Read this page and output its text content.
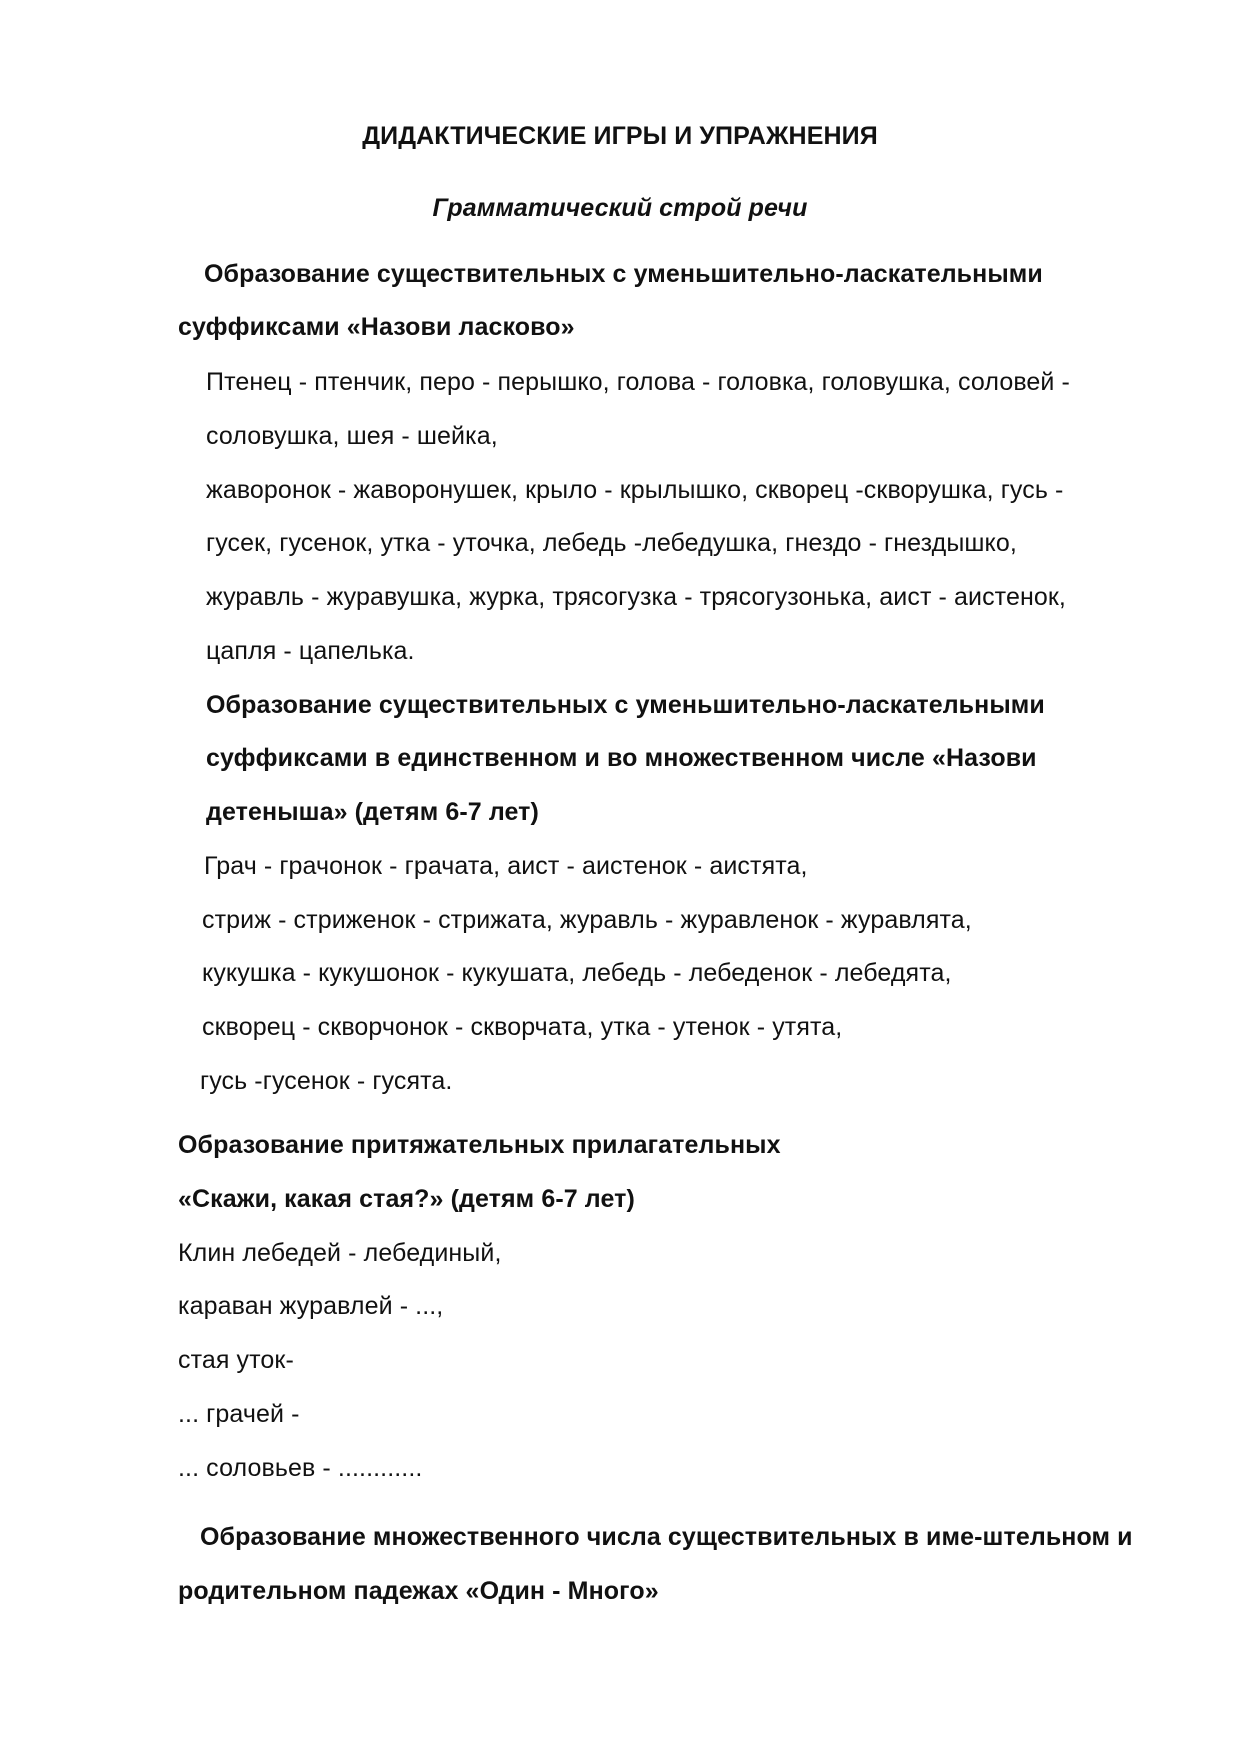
ДИДАКТИЧЕСКИЕ ИГРЫ И УПРАЖНЕНИЯ
Грамматический строй речи
Образование существительных с уменьшительно-ласкательными
суффиксами «Назови ласково»
Птенец - птенчик, перо - перышко, голова - головка, головушка, соловей -
соловушка, шея - шейка,
жаворонок - жаворонушек, крыло - крылышко, скворец -скворушка, гусь -
гусек, гусенок, утка - уточка, лебедь -лебедушка, гнездо - гнездышко,
журавль - журавушка, журка, трясогузка - трясогузонька, аист - аистенок,
цапля - цапелька.
Образование существительных с уменьшительно-ласкательными
суффиксами в единственном и во множественном числе «Назови
детеныша» (детям 6-7 лет)
Грач - грачонок - грачата, аист - аистенок - аистята,
стриж - стриженок - стрижата, журавль - журавленок - журавлята,
кукушка - кукушонок - кукушата, лебедь - лебеденок - лебедята,
скворец - скворчонок - скворчата, утка - утенок - утята,
гусь -гусенок - гусята.
Образование притяжательных прилагательных
«Скажи, какая стая?» (детям 6-7 лет)
Клин лебедей - лебединый,
караван журавлей - ...,
стая уток-
... грачей -
... соловьев - ............
Образование множественного числа существительных в име-штельном и
родительном падежах «Один - Много»
